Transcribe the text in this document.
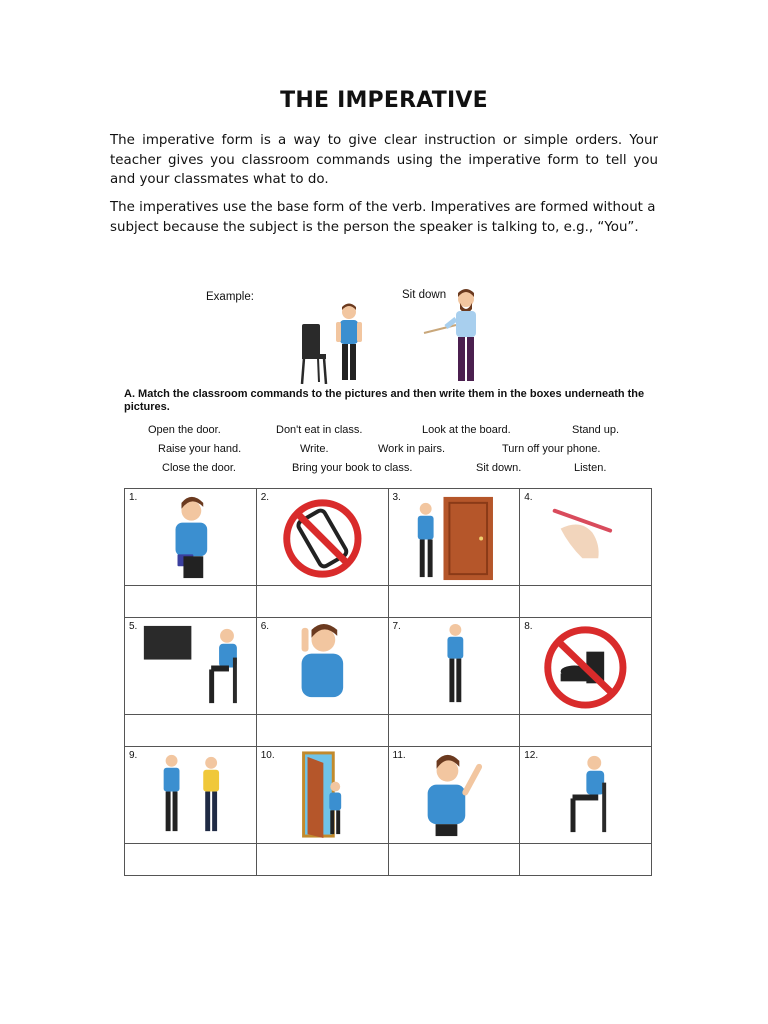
THE IMPERATIVE

The imperative form is a way to give clear instruction or simple orders. Your teacher gives you classroom commands using the imperative form to tell you and your classmates what to do.

The imperatives use the base form of the verb. Imperatives are formed without a subject because the subject is the person the speaker is talking to, e.g., “You”.

Example:	Sit down
A. Match the classroom commands to the pictures and then write them in the boxes underneath the pictures.
Open the door.	Don't eat in class.	Look at the board.	Stand up.
Raise your hand.	Write.	Work in pairs.	Turn off your phone.
Close the door.	Bring your book to class.	Sit down.	Listen.
1.	2.	3.	4.

5.	6.	7.	8.

9.	10.	11.	12.
